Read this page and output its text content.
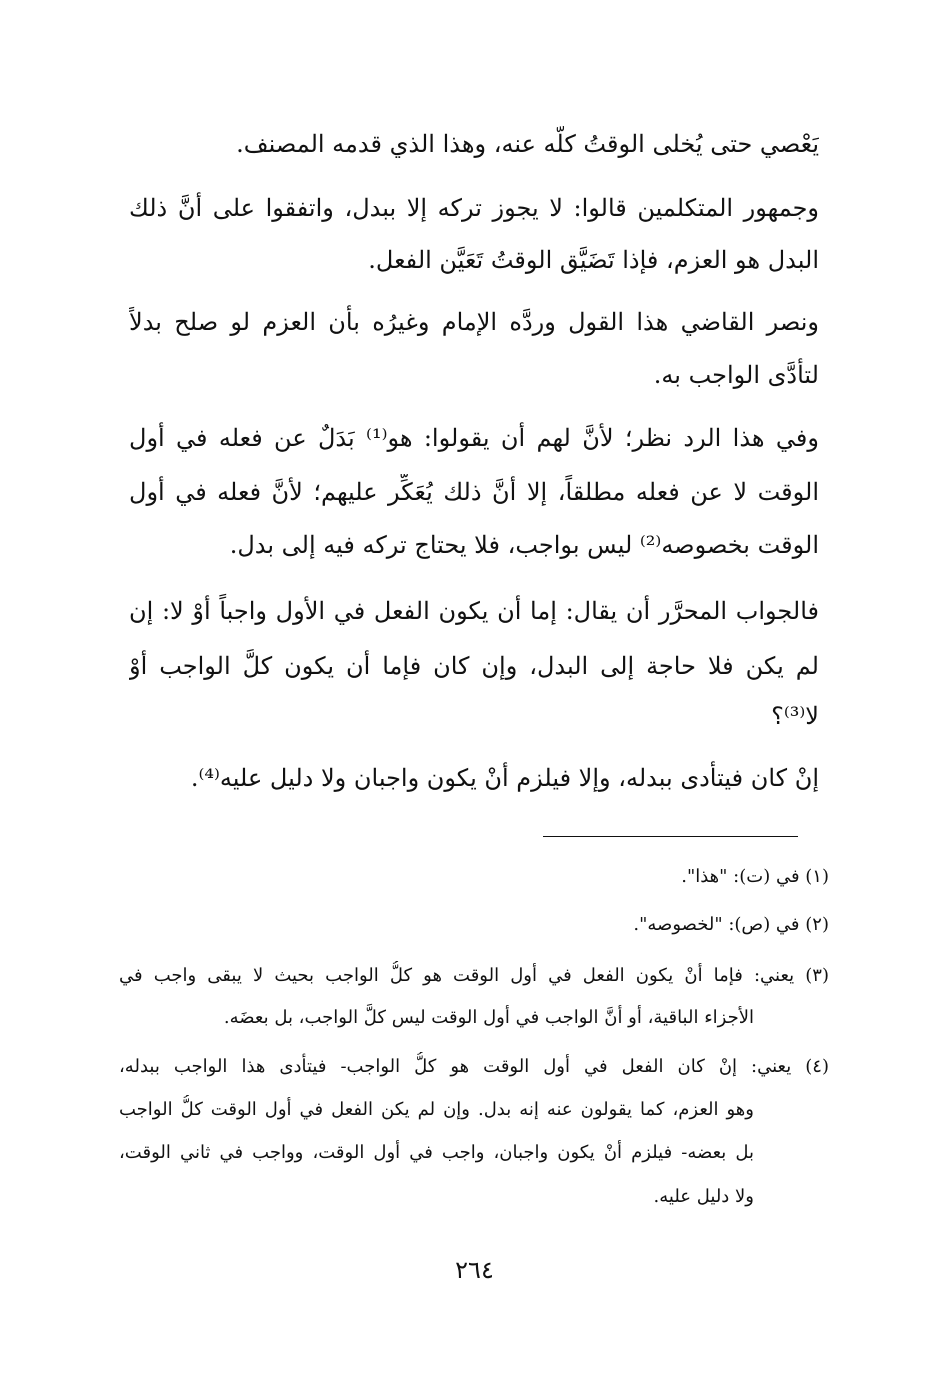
يَعْصي حتى يُخلى الوقتُ كلُّه عنه، وهذا الذي قدمه المصنف.
وجمهور المتكلمين قالوا: لا يجوز تركه إلا ببدل، واتفقوا على أنَّ ذلك
البدل هو العزم، فإذا تَضَيَّق الوقتُ تَعَيَّن الفعل.
ونصر القاضي هذا القول وردَّه الإمام وغيرُه بأن العزم لو صلح بدلاً
لتأدَّى الواجب به.
وفي هذا الرد نظر؛ لأنَّ لهم أن يقولوا: هو⁽¹⁾ بَدَلٌ عن فعله في أول
الوقت لا عن فعله مطلقاً، إلا أنَّ ذلك يُعَكِّر عليهم؛ لأنَّ فعله في أول
الوقت بخصوصه⁽²⁾ ليس بواجب، فلا يحتاج تركه فيه إلى بدل.
فالجواب المحرَّر أن يقال: إما أن يكون الفعل في الأول واجباً أوْ لا: إن
لم يكن فلا حاجة إلى البدل، وإن كان فإما أن يكون كلَّ الواجب أوْ
لا⁽³⁾؟
إنْ كان فيتأدى ببدله، وإلا فيلزم أنْ يكون واجبان ولا دليل عليه⁽⁴⁾.
(١) في (ت): "هذا".
(٢) في (ص): "لخصوصه".
(٣) يعني: فإما أنْ يكون الفعل في أول الوقت هو كلُّ الواجب بحيث لا يبقى واجب في
الأجزاء الباقية، أو أنَّ الواجب في أول الوقت ليس كلَّ الواجب، بل بعضَه.
(٤) يعني: إنْ كان الفعل في أول الوقت هو كلُّ الواجب- فيتأدى هذا الواجب ببدله،
وهو العزم، كما يقولون عنه إنه بدل. وإن لم يكن الفعل في أول الوقت كلُّ الواجب
بل بعضه- فيلزم أنْ يكون واجبان، واجب في أول الوقت، وواجب في ثاني الوقت،
ولا دليل عليه.
٢٦٤
